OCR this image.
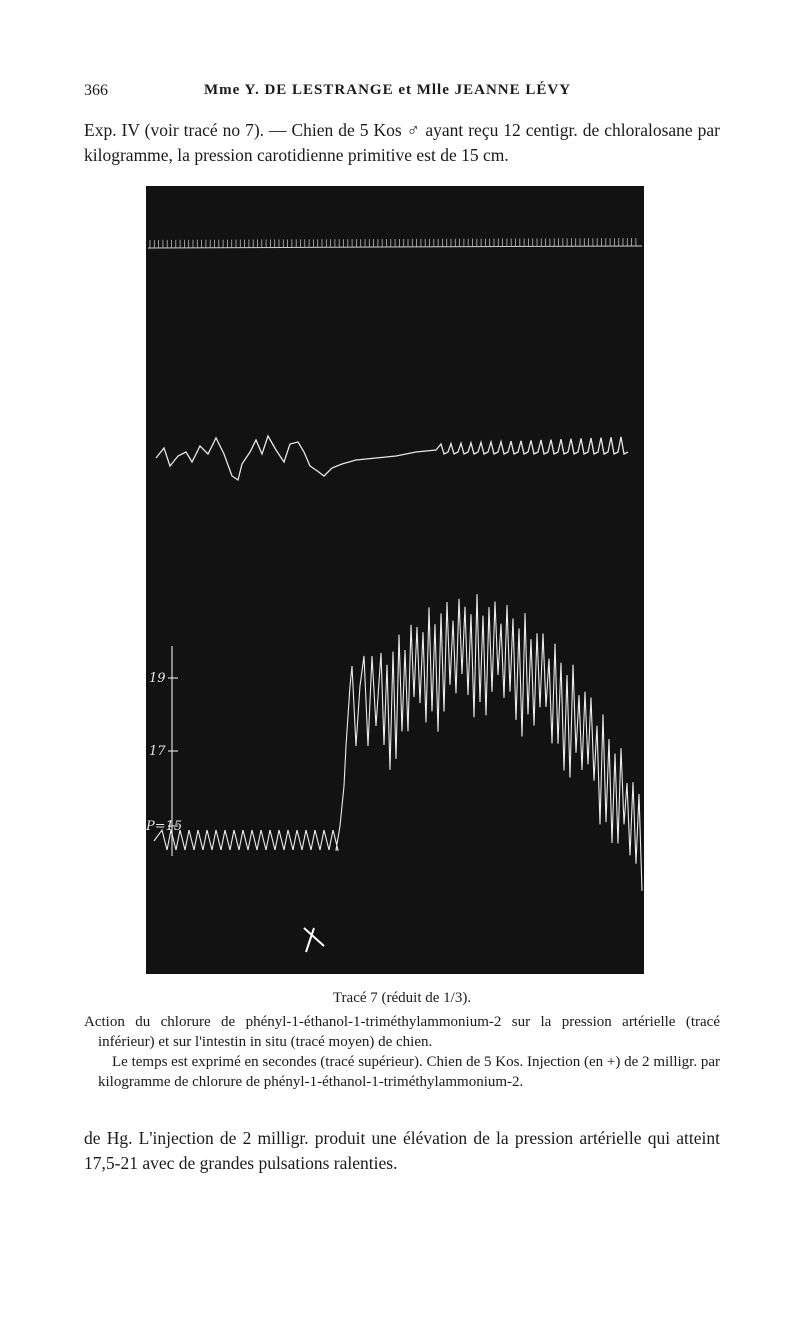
366	Mme Y. DE LESTRANGE et Mlle JEANNE LÉVY
Exp. IV (voir tracé no 7). — Chien de 5 Kos ♂ ayant reçu 12 centigr. de chloralosane par kilogramme, la pression carotidienne primitive est de 15 cm.
19
17
P=15
Tracé 7 (réduit de 1/3).

Action du chlorure de phényl-1-éthanol-1-triméthylammonium-2 sur la pression artérielle (tracé inférieur) et sur l'intestin in situ (tracé moyen) de chien.

Le temps est exprimé en secondes (tracé supérieur). Chien de 5 Kos. Injection (en +) de 2 milligr. par kilogramme de chlorure de phényl-1-éthanol-1-triméthylammonium-2.

de Hg. L'injection de 2 milligr. produit une élévation de la pression artérielle qui atteint 17,5-21 avec de grandes pulsations ralenties.
